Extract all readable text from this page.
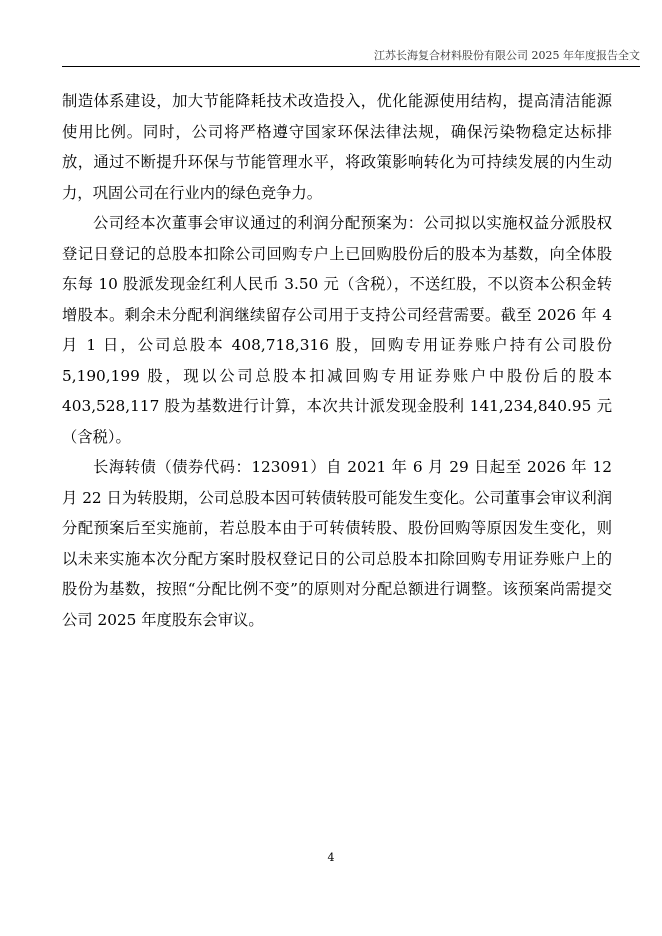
江苏长海复合材料股份有限公司 2025 年年度报告全文

制造体系建设，加大节能降耗技术改造投入，优化能源使用结构，提高清洁能源使用比例。同时，公司将严格遵守国家环保法律法规，确保污染物稳定达标排放，通过不断提升环保与节能管理水平，将政策影响转化为可持续发展的内生动力，巩固公司在行业内的绿色竞争力。

公司经本次董事会审议通过的利润分配预案为：公司拟以实施权益分派股权登记日登记的总股本扣除公司回购专户上已回购股份后的股本为基数，向全体股东每 10 股派发现金红利人民币 3.50 元（含税），不送红股，不以资本公积金转增股本。剩余未分配利润继续留存公司用于支持公司经营需要。截至 2026 年 4 月 1 日，公司总股本 408,718,316 股，回购专用证券账户持有公司股份 5,190,199 股，现以公司总股本扣减回购专用证券账户中股份后的股本 403,528,117 股为基数进行计算，本次共计派发现金股利 141,234,840.95 元（含税）。

长海转债（债券代码：123091）自 2021 年 6 月 29 日起至 2026 年 12 月 22 日为转股期，公司总股本因可转债转股可能发生变化。公司董事会审议利润分配预案后至实施前，若总股本由于可转债转股、股份回购等原因发生变化，则以未来实施本次分配方案时股权登记日的公司总股本扣除回购专用证券账户上的股份为基数，按照“分配比例不变”的原则对分配总额进行调整。该预案尚需提交公司 2025 年度股东会审议。

4
